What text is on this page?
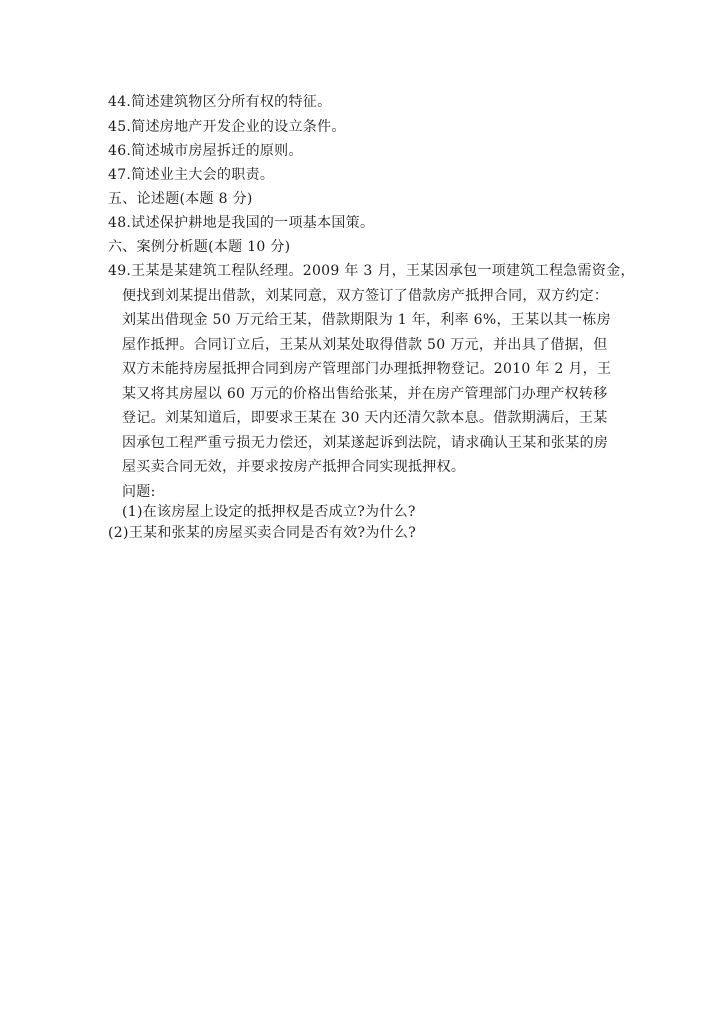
44.简述建筑物区分所有权的特征。
45.简述房地产开发企业的设立条件。
46.简述城市房屋拆迁的原则。
47.简述业主大会的职责。
五、论述题(本题 8 分)
48.试述保护耕地是我国的一项基本国策。
六、案例分析题(本题 10 分)

49.王某是某建筑工程队经理。2009 年 3 月，王某因承包一项建筑工程急需资金，

便找到刘某提出借款，刘某同意，双方签订了借款房产抵押合同，双方约定：

刘某出借现金 50 万元给王某，借款期限为 1 年，利率 6%，王某以其一栋房

屋作抵押。合同订立后，王某从刘某处取得借款 50 万元，并出具了借据，但

双方未能持房屋抵押合同到房产管理部门办理抵押物登记。2010 年 2 月，王

某又将其房屋以 60 万元的价格出售给张某，并在房产管理部门办理产权转移

登记。刘某知道后，即要求王某在 30 天内还清欠款本息。借款期满后，王某

因承包工程严重亏损无力偿还，刘某遂起诉到法院，请求确认王某和张某的房

屋买卖合同无效，并要求按房产抵押合同实现抵押权。

问题:

(1)在该房屋上设定的抵押权是否成立?为什么?
(2)王某和张某的房屋买卖合同是否有效?为什么?
